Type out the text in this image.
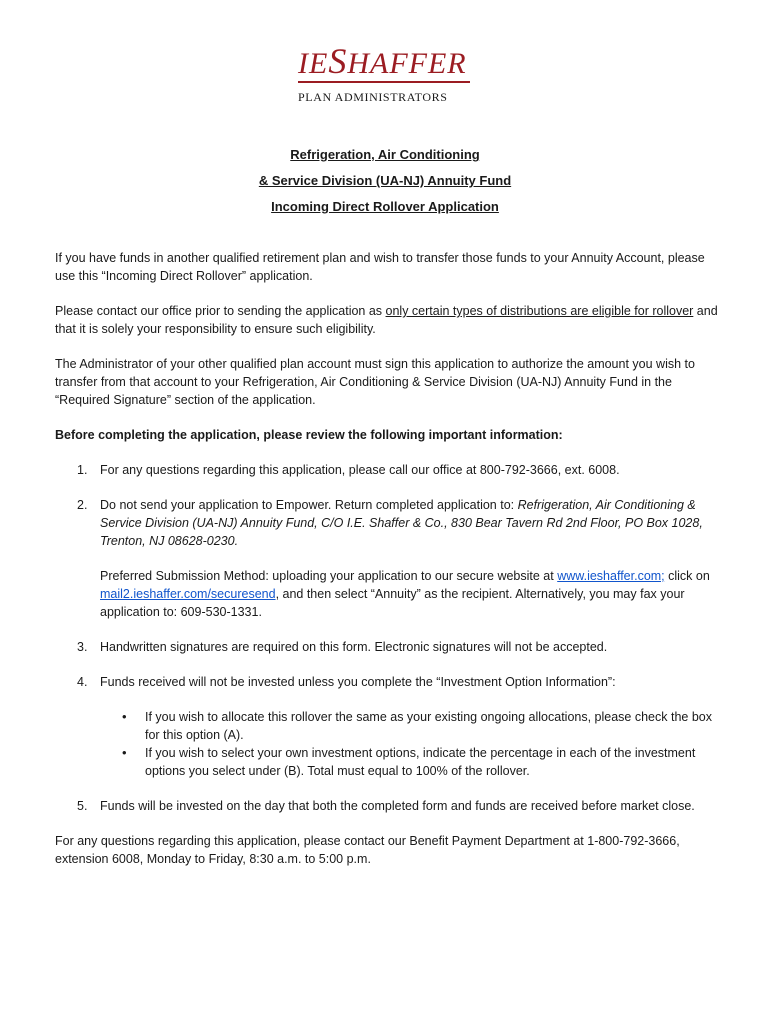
IESHAFFER
PLAN ADMINISTRATORS
Refrigeration, Air Conditioning
& Service Division (UA-NJ) Annuity Fund
Incoming Direct Rollover Application

If you have funds in another qualified retirement plan and wish to transfer those funds to your Annuity Account, please use this “Incoming Direct Rollover” application.

Please contact our office prior to sending the application as only certain types of distributions are eligible for rollover and that it is solely your responsibility to ensure such eligibility.

The Administrator of your other qualified plan account must sign this application to authorize the amount you wish to transfer from that account to your Refrigeration, Air Conditioning & Service Division (UA-NJ) Annuity Fund in the “Required Signature” section of the application.

Before completing the application, please review the following important information:
1. For any questions regarding this application, please call our office at 800-792-3666, ext. 6008.
2. Do not send your application to Empower. Return completed application to: Refrigeration, Air Conditioning & Service Division (UA-NJ) Annuity Fund, C/O I.E. Shaffer & Co., 830 Bear Tavern Rd 2nd Floor, PO Box 1028, Trenton, NJ 08628-0230.
Preferred Submission Method: uploading your application to our secure website at www.ieshaffer.com; click on mail2.ieshaffer.com/securesend, and then select “Annuity” as the recipient. Alternatively, you may fax your application to: 609-530-1331.
3. Handwritten signatures are required on this form. Electronic signatures will not be accepted.
4. Funds received will not be invested unless you complete the “Investment Option Information”:
• If you wish to allocate this rollover the same as your existing ongoing allocations, please check the box for this option (A).
• If you wish to select your own investment options, indicate the percentage in each of the investment options you select under (B). Total must equal to 100% of the rollover.
5. Funds will be invested on the day that both the completed form and funds are received before market close.

For any questions regarding this application, please contact our Benefit Payment Department at 1-800-792-3666, extension 6008, Monday to Friday, 8:30 a.m. to 5:00 p.m.
